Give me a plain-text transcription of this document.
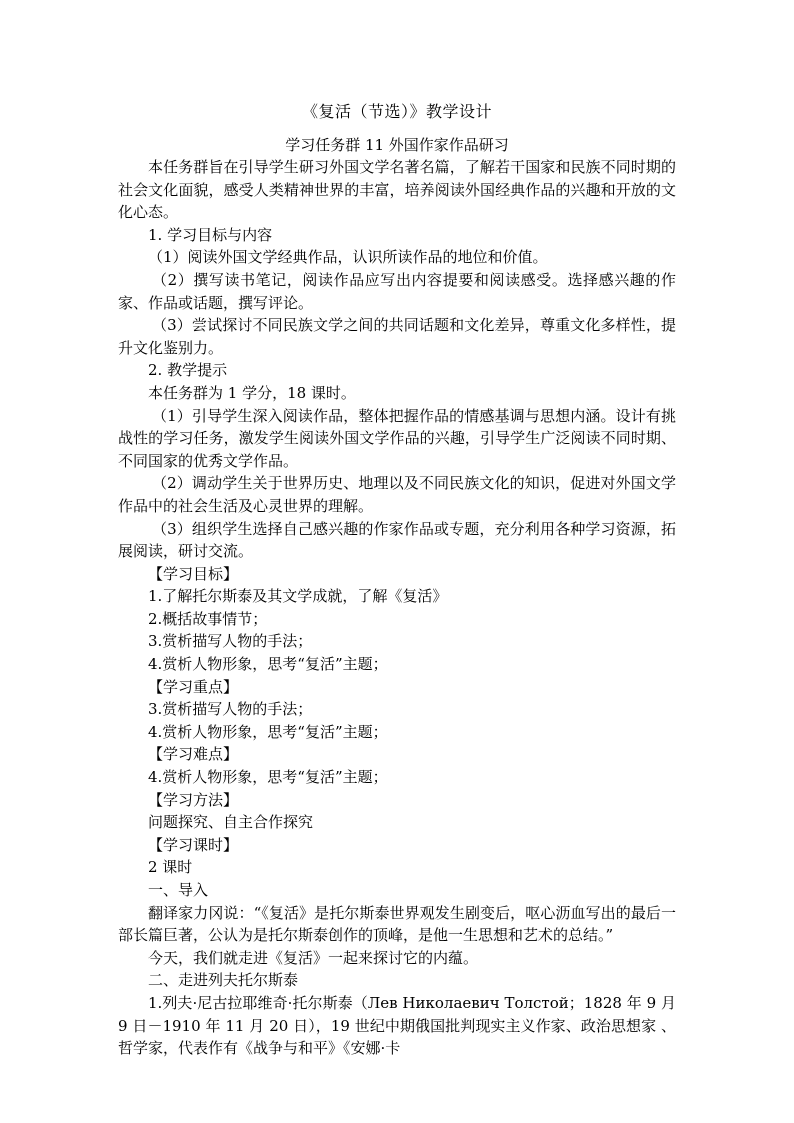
《复活（节选）》教学设计
学习任务群 11 外国作家作品研习

本任务群旨在引导学生研习外国文学名著名篇，了解若干国家和民族不同时期的社会文化面貌，感受人类精神世界的丰富，培养阅读外国经典作品的兴趣和开放的文化心态。

1. 学习目标与内容

（1）阅读外国文学经典作品，认识所读作品的地位和价值。

（2）撰写读书笔记，阅读作品应写出内容提要和阅读感受。选择感兴趣的作家、作品或话题，撰写评论。

（3）尝试探讨不同民族文学之间的共同话题和文化差异，尊重文化多样性，提升文化鉴别力。

2. 教学提示

本任务群为 1 学分，18 课时。

（1）引导学生深入阅读作品，整体把握作品的情感基调与思想内涵。设计有挑战性的学习任务，激发学生阅读外国文学作品的兴趣，引导学生广泛阅读不同时期、不同国家的优秀文学作品。

（2）调动学生关于世界历史、地理以及不同民族文化的知识，促进对外国文学作品中的社会生活及心灵世界的理解。

（3）组织学生选择自己感兴趣的作家作品或专题，充分利用各种学习资源，拓展阅读，研讨交流。

【学习目标】

1.了解托尔斯泰及其文学成就，了解《复活》

2.概括故事情节；

3.赏析描写人物的手法；

4.赏析人物形象，思考“复活”主题；

【学习重点】

3.赏析描写人物的手法；

4.赏析人物形象，思考“复活”主题；

【学习难点】

4.赏析人物形象，思考“复活”主题；

【学习方法】

问题探究、自主合作探究

【学习课时】

2 课时

一、导入

翻译家力冈说：“《复活》是托尔斯泰世界观发生剧变后，呕心沥血写出的最后一部长篇巨著，公认为是托尔斯泰创作的顶峰，是他一生思想和艺术的总结。”

今天，我们就走进《复活》一起来探讨它的内蕴。

二、走进列夫托尔斯泰

1.列夫·尼古拉耶维奇·托尔斯泰（Лев Николаевич Толстой；1828 年 9 月 9 日－1910 年 11 月 20 日），19 世纪中期俄国批判现实主义作家、政治思想家 、哲学家，代表作有《战争与和平》《安娜·卡
